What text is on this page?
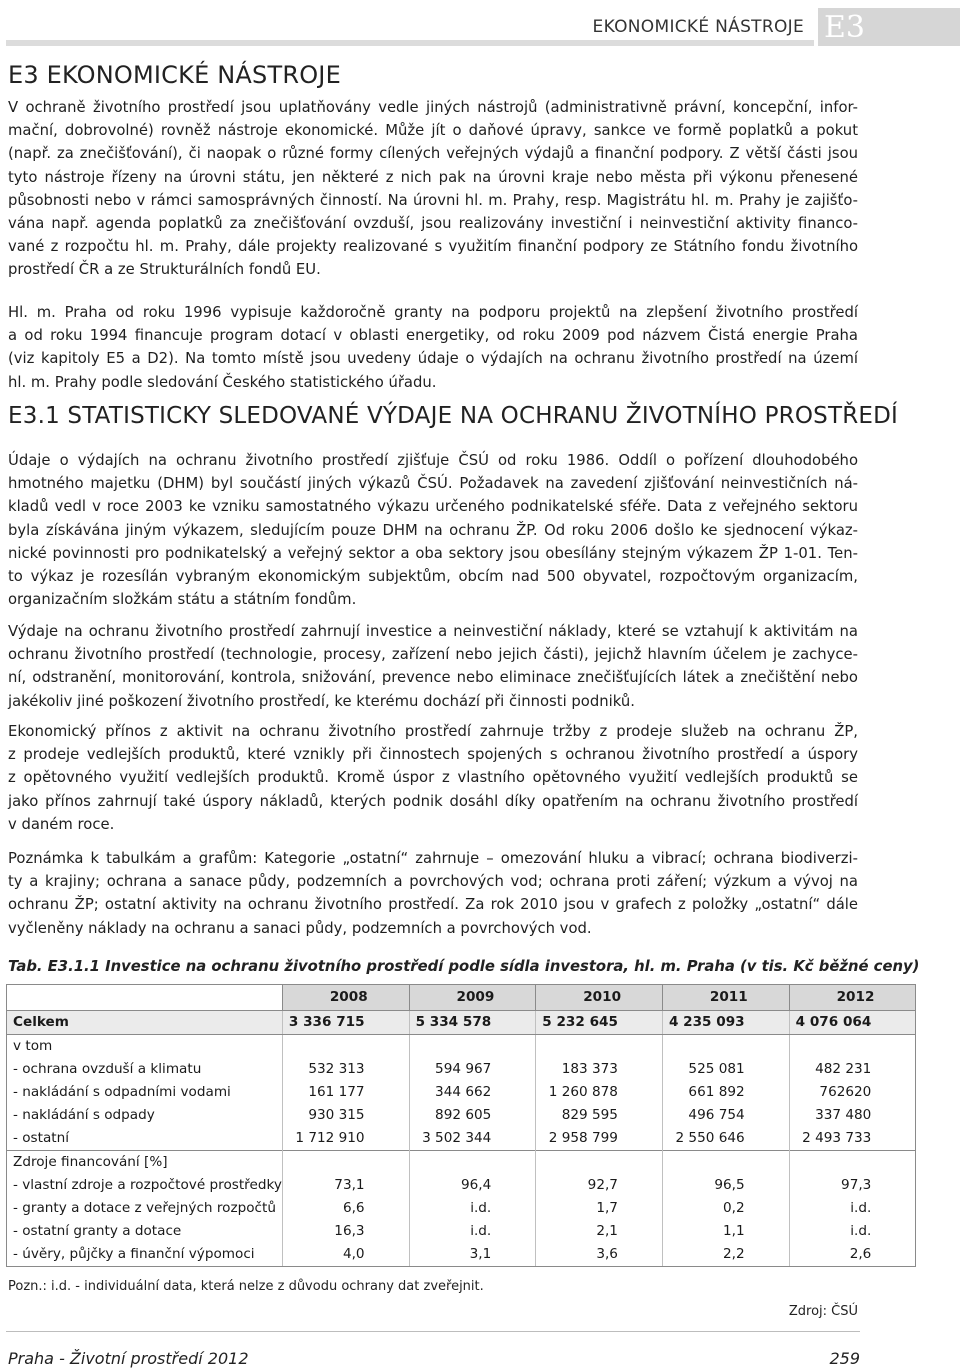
EKONOMICKÉ NÁSTROJE E3
E3 EKONOMICKÉ NÁSTROJE

V ochraně životního prostředí jsou uplatňovány vedle jiných nástrojů (administrativně právní, koncepční, infor-
mační, dobrovolné) rovněž nástroje ekonomické. Může jít o daňové úpravy, sankce ve formě poplatků a pokut
(např. za znečišťování), či naopak o různé formy cílených veřejných výdajů a finanční podpory. Z větší části jsou
tyto nástroje řízeny na úrovni státu, jen některé z nich pak na úrovni kraje nebo města při výkonu přenesené
působnosti nebo v rámci samosprávných činností. Na úrovni hl. m. Prahy, resp. Magistrátu hl. m. Prahy je zajišťo-
vána např. agenda poplatků za znečišťování ovzduší, jsou realizovány investiční i neinvestiční aktivity financo-
vané z rozpočtu hl. m. Prahy, dále projekty realizované s využitím finanční podpory ze Státního fondu životního
prostředí ČR a ze Strukturálních fondů EU.

Hl. m. Praha od roku 1996 vypisuje každoročně granty na podporu projektů na zlepšení životního prostředí
a od roku 1994 financuje program dotací v oblasti energetiky, od roku 2009 pod názvem Čistá energie Praha
(viz kapitoly E5 a D2). Na tomto místě jsou uvedeny údaje o výdajích na ochranu životního prostředí na území
hl. m. Prahy podle sledování Českého statistického úřadu.

E3.1 STATISTICKY SLEDOVANÉ VÝDAJE NA OCHRANU ŽIVOTNÍHO PROSTŘEDÍ

Údaje o výdajích na ochranu životního prostředí zjišťuje ČSÚ od roku 1986. Oddíl o pořízení dlouhodobého
hmotného majetku (DHM) byl součástí jiných výkazů ČSÚ. Požadavek na zavedení zjišťování neinvestičních ná-
kladů vedl v roce 2003 ke vzniku samostatného výkazu určeného podnikatelské sféře. Data z veřejného sektoru
byla získávána jiným výkazem, sledujícím pouze DHM na ochranu ŽP. Od roku 2006 došlo ke sjednocení výkaz-
nické povinnosti pro podnikatelský a veřejný sektor a oba sektory jsou obesílány stejným výkazem ŽP 1-01. Ten-
to výkaz je rozesílán vybraným ekonomickým subjektům, obcím nad 500 obyvatel, rozpočtovým organizacím,
organizačním složkám státu a státním fondům.

Výdaje na ochranu životního prostředí zahrnují investice a neinvestiční náklady, které se vztahují k aktivitám na
ochranu životního prostředí (technologie, procesy, zařízení nebo jejich části), jejichž hlavním účelem je zachyce-
ní, odstranění, monitorování, kontrola, snižování, prevence nebo eliminace znečišťujících látek a znečištění nebo
jakékoliv jiné poškození životního prostředí, ke kterému dochází při činnosti podniků.

Ekonomický přínos z aktivit na ochranu životního prostředí zahrnuje tržby z prodeje služeb na ochranu ŽP,
z prodeje vedlejších produktů, které vznikly při činnostech spojených s ochranou životního prostředí a úspory
z opětovného využití vedlejších produktů. Kromě úspor z vlastního opětovného využití vedlejších produktů se
jako přínos zahrnují také úspory nákladů, kterých podnik dosáhl díky opatřením na ochranu životního prostředí
v daném roce.

Poznámka k tabulkám a grafům: Kategorie „ostatní“ zahrnuje – omezování hluku a vibrací; ochrana biodiverzi-
ty a krajiny; ochrana a sanace půdy, podzemních a povrchových vod; ochrana proti záření; výzkum a vývoj na
ochranu ŽP; ostatní aktivity na ochranu životního prostředí. Za rok 2010 jsou v grafech z položky „ostatní“ dále
vyčleněny náklady na ochranu a sanaci půdy, podzemních a povrchových vod.

Tab. E3.1.1 Investice na ochranu životního prostředí podle sídla investora, hl. m. Praha (v tis. Kč běžné ceny)
	2008	2009	2010	2011	2012
Celkem	3 336 715	5 334 578	5 232 645	4 235 093	4 076 064
v tom					
- ochrana ovzduší a klimatu	532 313	594 967	183 373	525 081	482 231
- nakládání s odpadními vodami	161 177	344 662	1 260 878	661 892	762620
- nakládání s odpady	930 315	892 605	829 595	496 754	337 480
- ostatní	1 712 910	3 502 344	2 958 799	2 550 646	2 493 733
Zdroje financování [%]					
- vlastní zdroje a rozpočtové prostředky	73,1	96,4	92,7	96,5	97,3
- granty a dotace z veřejných rozpočtů	6,6	i.d.	1,7	0,2	i.d.
- ostatní granty a dotace	16,3	i.d.	2,1	1,1	i.d.
- úvěry, půjčky a finanční výpomoci	4,0	3,1	3,6	2,2	2,6
Pozn.: i.d. - individuální data, která nelze z důvodu ochrany dat zveřejnit.
Zdroj: ČSÚ
Praha - Životní prostředí 2012	259
